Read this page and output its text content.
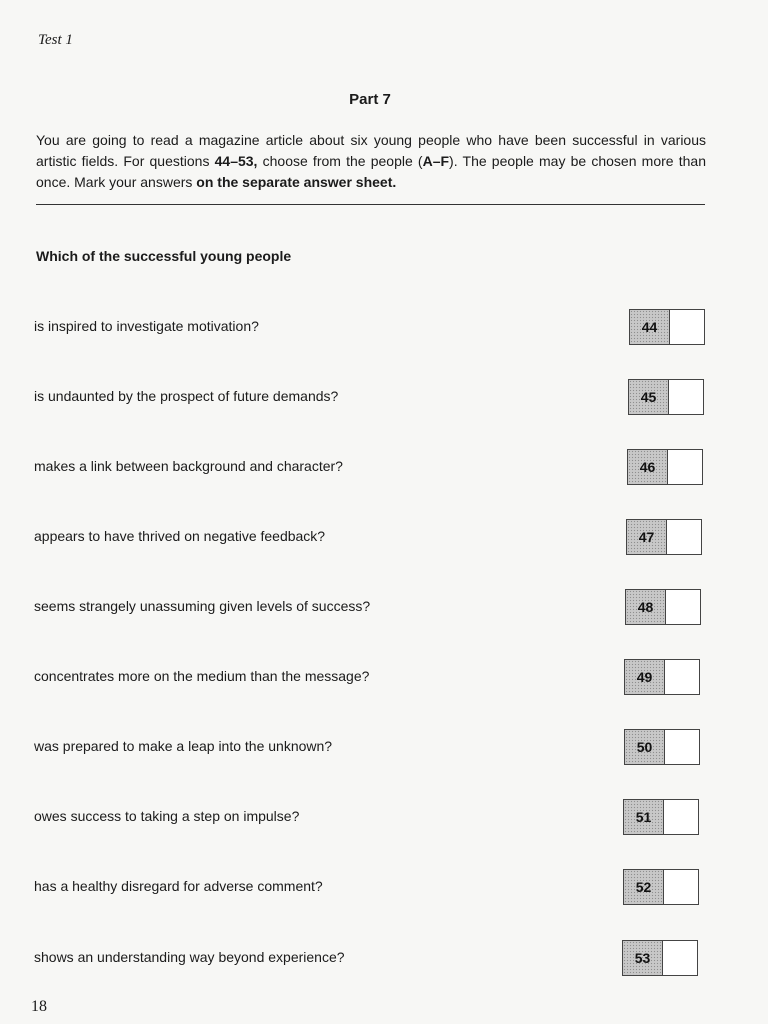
Test 1
Part 7
You are going to read a magazine article about six young people who have been successful in various artistic fields. For questions 44–53, choose from the people (A–F). The people may be chosen more than once. Mark your answers on the separate answer sheet.
Which of the successful young people
is inspired to investigate motivation?	44
is undaunted by the prospect of future demands?	45
makes a link between background and character?	46
appears to have thrived on negative feedback?	47
seems strangely unassuming given levels of success?	48
concentrates more on the medium than the message?	49
was prepared to make a leap into the unknown?	50
owes success to taking a step on impulse?	51
has a healthy disregard for adverse comment?	52
shows an understanding way beyond experience?	53
18
